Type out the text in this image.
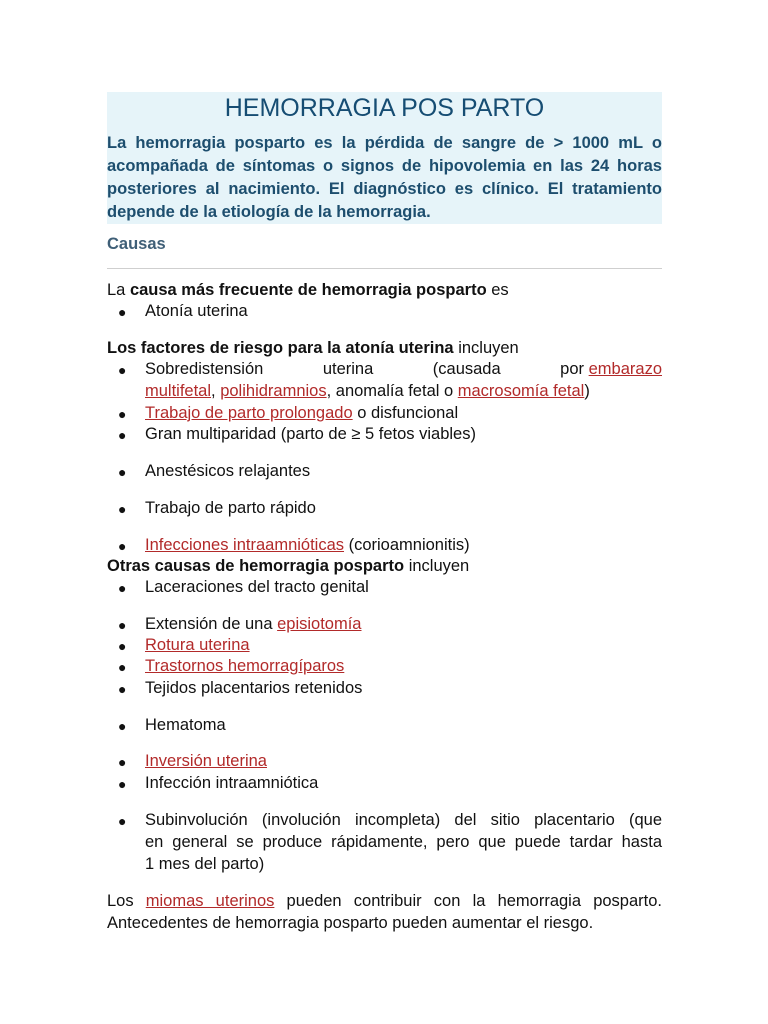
HEMORRAGIA POS PARTO

La hemorragia posparto es la pérdida de sangre de > 1000 mL o acompañada de síntomas o signos de hipovolemia en las 24 horas posteriores al nacimiento. El diagnóstico es clínico. El tratamiento depende de la etiología de la hemorragia.

Causas

La causa más frecuente de hemorragia posparto es

● Atonía uterina

Los factores de riesgo para la atonía uterina incluyen

● Sobredistensión	uterina	(causada	por embarazo

multifetal, polihidramnios, anomalía fetal o macrosomía fetal)

● Trabajo de parto prolongado o disfuncional

● Gran multiparidad (parto de ≥ 5 fetos viables)

● Anestésicos relajantes

● Trabajo de parto rápido

● Infecciones intraamnióticas (corioamnionitis)

Otras causas de hemorragia posparto incluyen

● Laceraciones del tracto genital

● Extensión de una episiotomía

● Rotura uterina

● Trastornos hemorragíparos

● Tejidos placentarios retenidos

● Hematoma

● Inversión uterina

● Infección intraamniótica

● Subinvolución (involución incompleta) del sitio placentario (que

en general se produce rápidamente, pero que puede tardar hasta

1 mes del parto)

Los miomas uterinos pueden contribuir con la hemorragia posparto.

Antecedentes de hemorragia posparto pueden aumentar el riesgo.
